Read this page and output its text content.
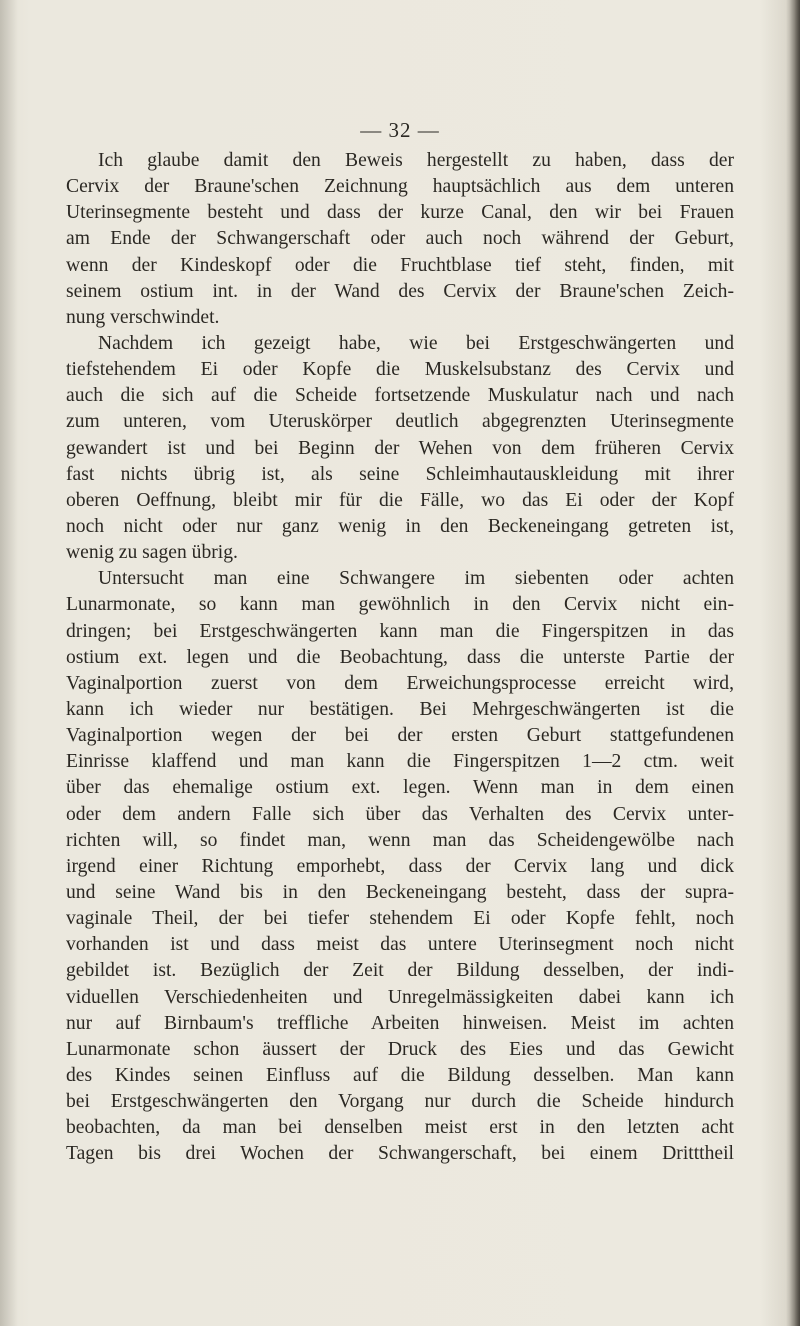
— 32 —
Ich glaube damit den Beweis hergestellt zu haben, dass der
Cervix der Braune'schen Zeichnung hauptsächlich aus dem unteren
Uterinsegmente besteht und dass der kurze Canal, den wir bei Frauen
am Ende der Schwangerschaft oder auch noch während der Geburt,
wenn der Kindeskopf oder die Fruchtblase tief steht, finden, mit
seinem ostium int. in der Wand des Cervix der Braune'schen Zeich-
nung verschwindet.
Nachdem ich gezeigt habe, wie bei Erstgeschwängerten und
tiefstehendem Ei oder Kopfe die Muskelsubstanz des Cervix und
auch die sich auf die Scheide fortsetzende Muskulatur nach und nach
zum unteren, vom Uteruskörper deutlich abgegrenzten Uterinsegmente
gewandert ist und bei Beginn der Wehen von dem früheren Cervix
fast nichts übrig ist, als seine Schleimhautauskleidung mit ihrer
oberen Oeffnung, bleibt mir für die Fälle, wo das Ei oder der Kopf
noch nicht oder nur ganz wenig in den Beckeneingang getreten ist,
wenig zu sagen übrig.
Untersucht man eine Schwangere im siebenten oder achten
Lunarmonate, so kann man gewöhnlich in den Cervix nicht ein-
dringen; bei Erstgeschwängerten kann man die Fingerspitzen in das
ostium ext. legen und die Beobachtung, dass die unterste Partie der
Vaginalportion zuerst von dem Erweichungsprocesse erreicht wird,
kann ich wieder nur bestätigen. Bei Mehrgeschwängerten ist die
Vaginalportion wegen der bei der ersten Geburt stattgefundenen
Einrisse klaffend und man kann die Fingerspitzen 1—2 ctm. weit
über das ehemalige ostium ext. legen. Wenn man in dem einen
oder dem andern Falle sich über das Verhalten des Cervix unter-
richten will, so findet man, wenn man das Scheidengewölbe nach
irgend einer Richtung emporhebt, dass der Cervix lang und dick
und seine Wand bis in den Beckeneingang besteht, dass der supra-
vaginale Theil, der bei tiefer stehendem Ei oder Kopfe fehlt, noch
vorhanden ist und dass meist das untere Uterinsegment noch nicht
gebildet ist. Bezüglich der Zeit der Bildung desselben, der indi-
viduellen Verschiedenheiten und Unregelmässigkeiten dabei kann ich
nur auf Birnbaum's treffliche Arbeiten hinweisen. Meist im achten
Lunarmonate schon äussert der Druck des Eies und das Gewicht
des Kindes seinen Einfluss auf die Bildung desselben. Man kann
bei Erstgeschwängerten den Vorgang nur durch die Scheide hindurch
beobachten, da man bei denselben meist erst in den letzten acht
Tagen bis drei Wochen der Schwangerschaft, bei einem Dritttheil
